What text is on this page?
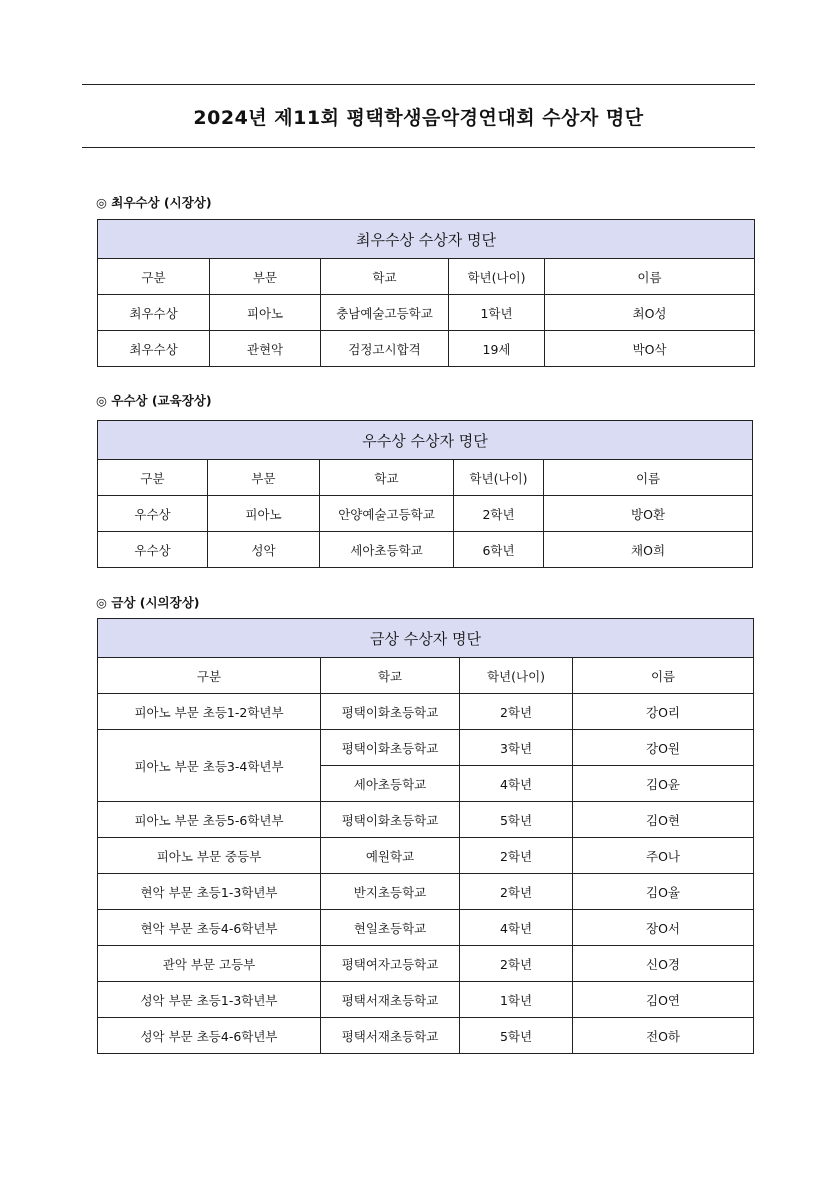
2024년 제11회 평택학생음악경연대회 수상자 명단
◎ 최우수상 (시장상)
최우수상 수상자 명단				
구분	부문	학교	학년(나이)	이름
최우수상	피아노	충남예술고등학교	1학년	최O성
최우수상	관현악	검정고시합격	19세	박O삭
◎ 우수상 (교육장상)
우수상 수상자 명단				
구분	부문	학교	학년(나이)	이름
우수상	피아노	안양예술고등학교	2학년	방O환
우수상	성악	세아초등학교	6학년	채O희
◎ 금상 (시의장상)
금상 수상자 명단			
구분	학교	학년(나이)	이름
피아노 부문 초등1-2학년부	평택이화초등학교	2학년	강O리
피아노 부문 초등3-4학년부	평택이화초등학교	3학년	강O원
	세아초등학교	4학년	김O윤
피아노 부문 초등5-6학년부	평택이화초등학교	5학년	김O현
피아노 부문 중등부	예원학교	2학년	주O나
현악 부문 초등1-3학년부	반지초등학교	2학년	김O율
현악 부문 초등4-6학년부	현일초등학교	4학년	장O서
관악 부문 고등부	평택여자고등학교	2학년	신O경
성악 부문 초등1-3학년부	평택서재초등학교	1학년	김O연
성악 부문 초등4-6학년부	평택서재초등학교	5학년	전O하
